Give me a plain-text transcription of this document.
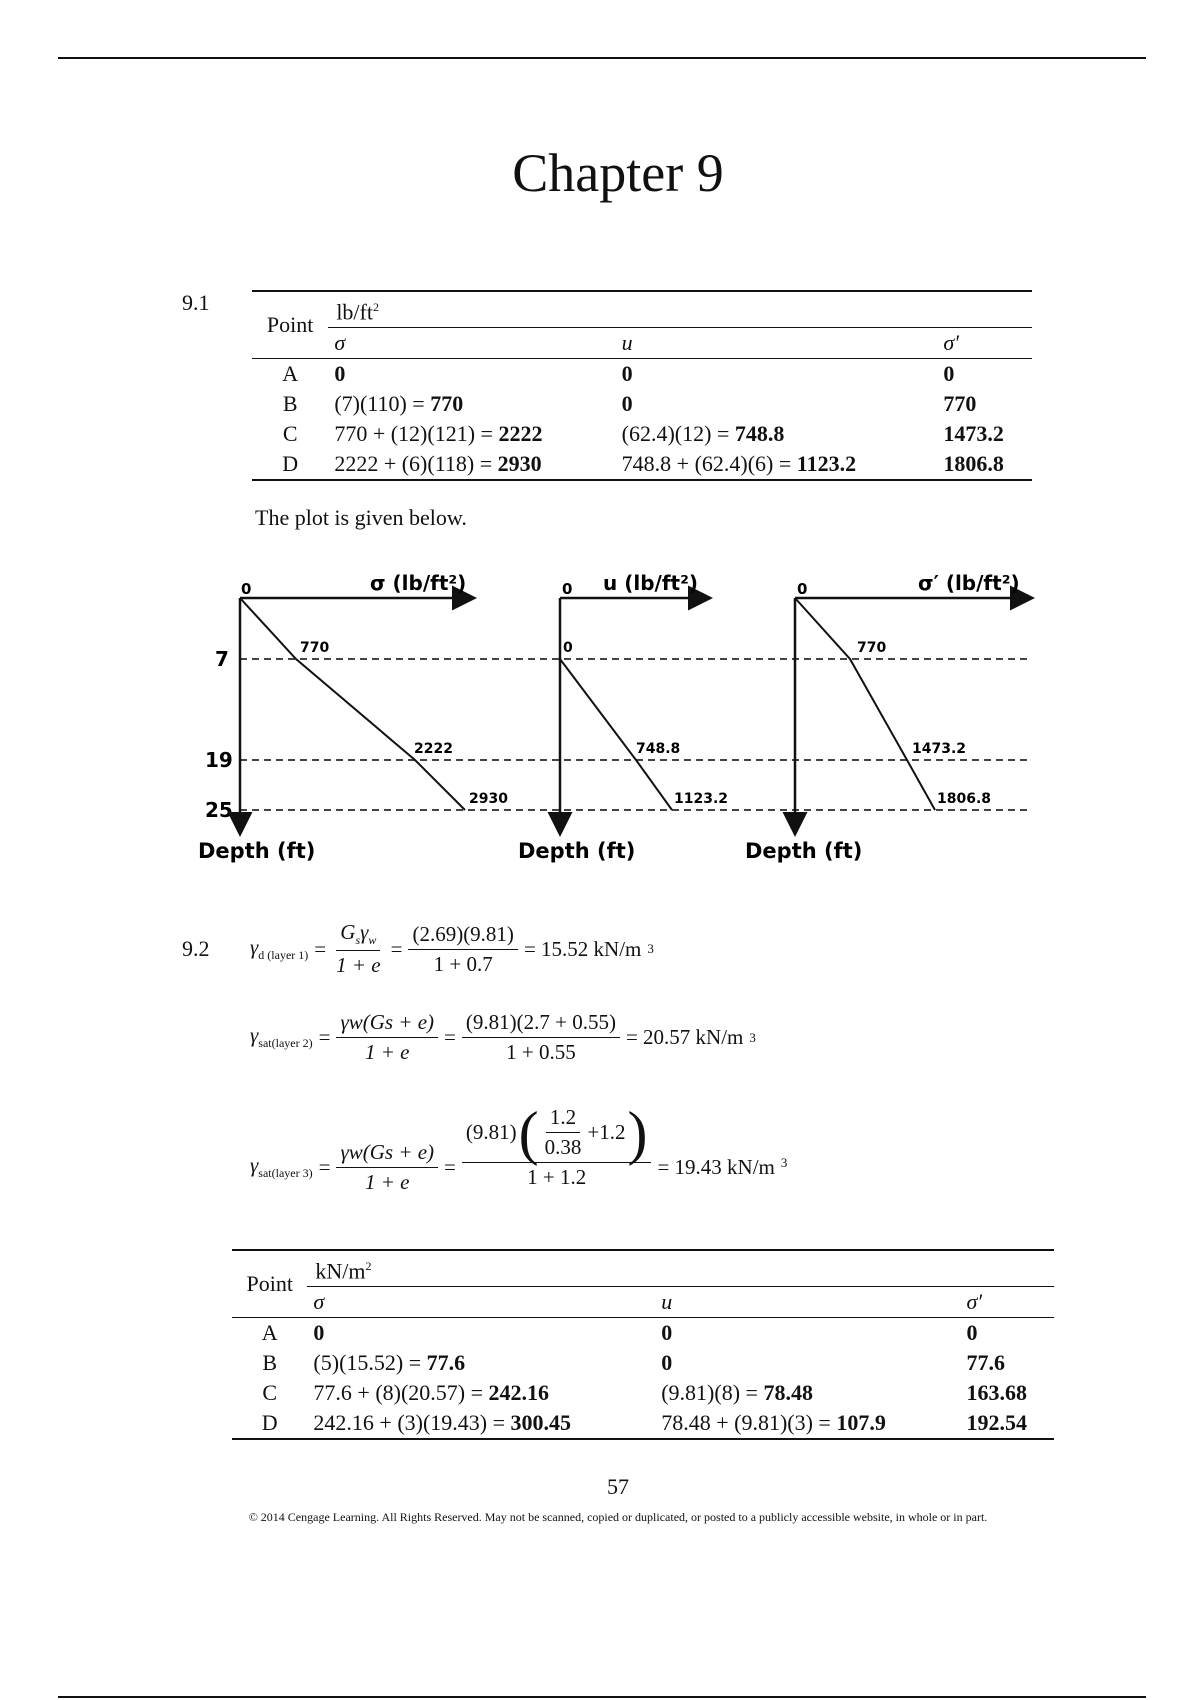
Chapter 9
9.1
Point	$lb/ft^2$
	σ	u	σ′
A	0	0	0
B	(7)(110) = 770	0	770
C	770 + (12)(121) = 2222	(62.4)(12) = 748.8	1473.2
D	2222 + (6)(118) = 2930	748.8 + (62.4)(6) = 1123.2	1806.8
The plot is given below.
7
19
25
0	σ (lb/ft²)
770
2222
2930
Depth (ft)
0 u (lb/ft²)
0
748.8
1123.2
Depth (ft)
0	σ′ (lb/ft²)
770
1473.2
1806.8
Depth (ft)
9.2 $\gamma_{d (layer 1)} = \frac{G_s\gamma_w}{1 + e} = \frac{(2.69)(9.81)}{1 + 0.7} = 15.52$ kN/m 3
$\gamma_{sat(layer 2)} = \frac{\gamma w(Gs + e)}{1 + e} = \frac{(9.81)(2.7 + 0.55)}{1 + 0.55} = 20.57$ kN/m 3
$\gamma_{sat(layer 3)} = \frac{\gamma w(Gs + e)}{1 + e} = \frac{(9.81) ( \frac{1.2}{0.38} +1.2 )}{1 + 1.2} = 19.43$ kN/m 3
Point	$kN/m^2$
	σ	u	σ′
A	0	0	0
B	(5)(15.52) = 77.6	0	77.6
C	77.6 + (8)(20.57) = 242.16	(9.81)(8) = 78.48	163.68
D	242.16 + (3)(19.43) = 300.45	78.48 + (9.81)(3) = 107.9	192.54
57
© 2014 Cengage Learning. All Rights Reserved. May not be scanned, copied or duplicated, or posted to a publicly accessible website, in whole or in part.
